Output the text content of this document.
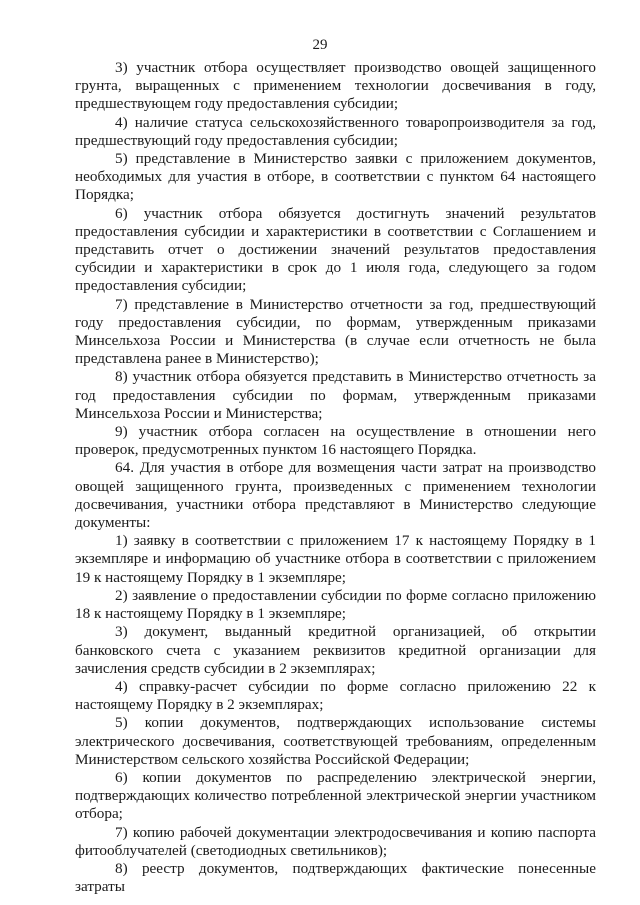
29

3) участник отбора осуществляет производство овощей защищенного грунта, выращенных с применением технологии досвечивания в году, предшествующем году предоставления субсидии;

4) наличие статуса сельскохозяйственного товаропроизводителя за год, предшествующий году предоставления субсидии;

5) представление в Министерство заявки с приложением документов, необходимых для участия в отборе, в соответствии с пунктом 64 настоящего Порядка;

6) участник отбора обязуется достигнуть значений результатов предоставления субсидии и характеристики в соответствии с Соглашением и представить отчет о достижении значений результатов предоставления субсидии и характеристики в срок до 1 июля года, следующего за годом предоставления субсидии;

7) представление в Министерство отчетности за год, предшествующий году предоставления субсидии, по формам, утвержденным приказами Минсельхоза России и Министерства (в случае если отчетность не была представлена ранее в Министерство);

8) участник отбора обязуется представить в Министерство отчетность за год предоставления субсидии по формам, утвержденным приказами Минсельхоза России и Министерства;

9) участник отбора согласен на осуществление в отношении него проверок, предусмотренных пунктом 16 настоящего Порядка.

64. Для участия в отборе для возмещения части затрат на производство овощей защищенного грунта, произведенных с применением технологии досвечивания, участники отбора представляют в Министерство следующие документы:

1) заявку в соответствии с приложением 17 к настоящему Порядку в 1 экземпляре и информацию об участнике отбора в соответствии с приложением 19 к настоящему Порядку в 1 экземпляре;

2) заявление о предоставлении субсидии по форме согласно приложению 18 к настоящему Порядку в 1 экземпляре;

3) документ, выданный кредитной организацией, об открытии банковского счета с указанием реквизитов кредитной организации для зачисления средств субсидии в 2 экземплярах;

4) справку-расчет субсидии по форме согласно приложению 22 к настоящему Порядку в 2 экземплярах;

5) копии документов, подтверждающих использование системы электрического досвечивания, соответствующей требованиям, определенным Министерством сельского хозяйства Российской Федерации;

6) копии документов по распределению электрической энергии, подтверждающих количество потребленной электрической энергии участником отбора;

7) копию рабочей документации электродосвечивания и копию паспорта фитооблучателей (светодиодных светильников);

8) реестр документов, подтверждающих фактические понесенные затраты
